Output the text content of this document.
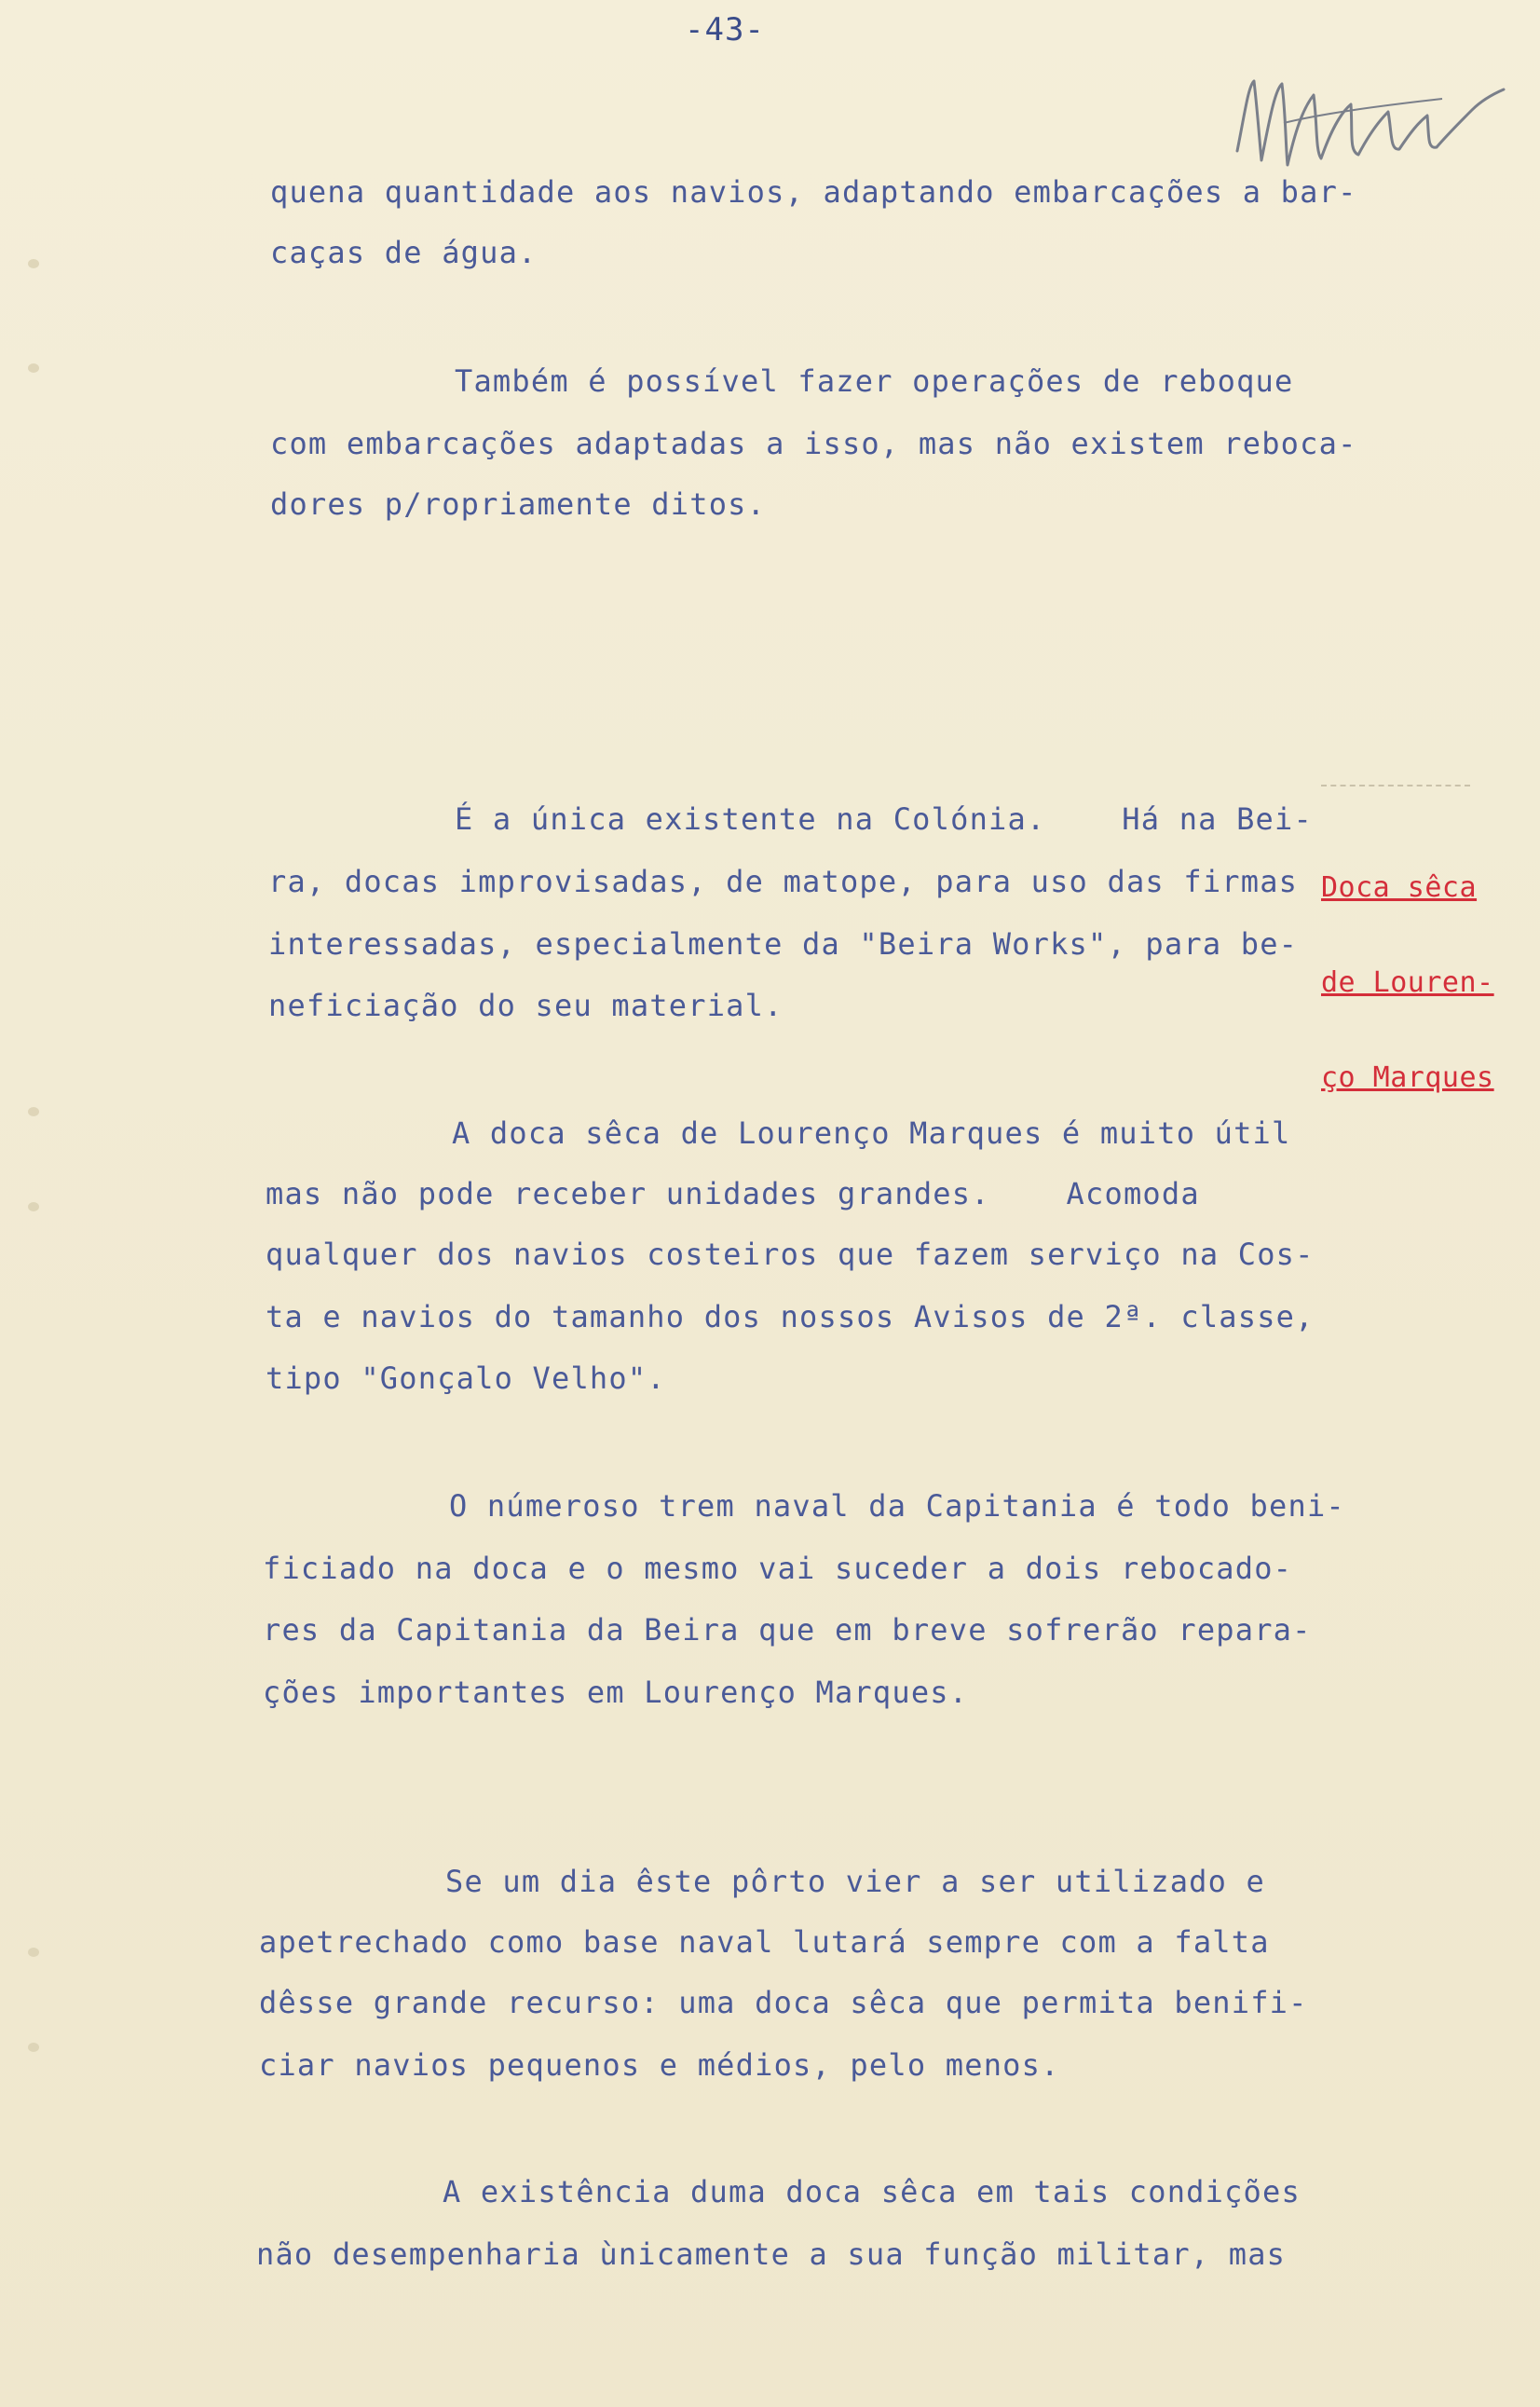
-43-

quena quantidade aos navios, adaptando embarcações a bar-

caças de água.

Também é possível fazer operações de reboque

com embarcações adaptadas a isso, mas não existem reboca-

dores p/ropriamente ditos.

É a única existente na Colónia.    Há na Bei-

ra, docas improvisadas, de matope, para uso das firmas

interessadas, especialmente da "Beira Works", para be-

neficiação do seu material.

Doca sêca

de Louren-

ço Marques

A doca sêca de Lourenço Marques é muito útil

mas não pode receber unidades grandes.    Acomoda

qualquer dos navios costeiros que fazem serviço na Cos-

ta e navios do tamanho dos nossos Avisos de 2ª. classe,

tipo "Gonçalo Velho".

O númeroso trem naval da Capitania é todo beni-

ficiado na doca e o mesmo vai suceder a dois rebocado-

res da Capitania da Beira que em breve sofrerão repara-

ções importantes em Lourenço Marques.

Se um dia êste pôrto vier a ser utilizado e

apetrechado como base naval lutará sempre com a falta

dêsse grande recurso: uma doca sêca que permita benifi-

ciar navios pequenos e médios, pelo menos.

A existência duma doca sêca em tais condições

não desempenharia ùnicamente a sua função militar, mas
